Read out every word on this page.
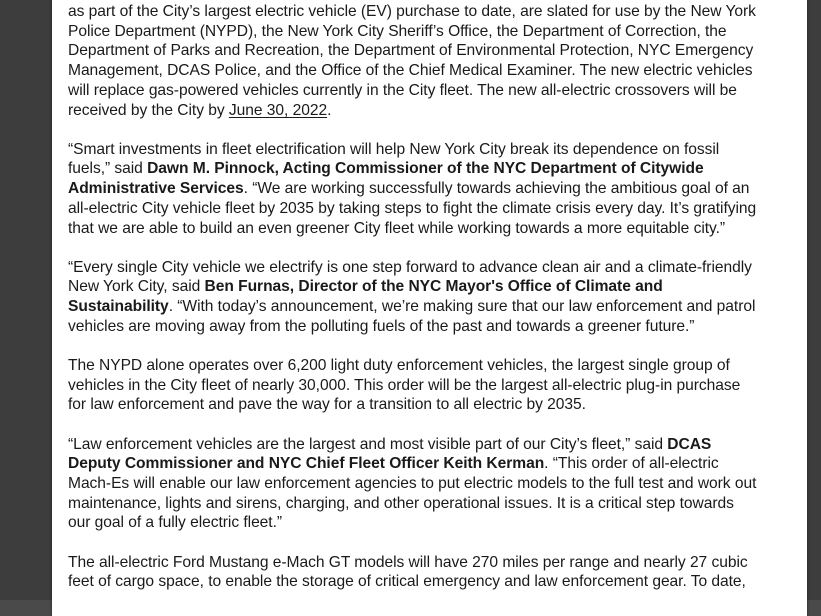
as part of the City’s largest electric vehicle (EV) purchase to date, are slated for use by the New York
Police Department (NYPD), the New York City Sheriff’s Office, the Department of Correction, the
Department of Parks and Recreation, the Department of Environmental Protection, NYC Emergency
Management, DCAS Police, and the Office of the Chief Medical Examiner. The new electric vehicles
will replace gas-powered vehicles currently in the City fleet. The new all-electric crossovers will be
received by the City by June 30, 2022.
“Smart investments in fleet electrification will help New York City break its dependence on fossil
fuels,” said Dawn M. Pinnock, Acting Commissioner of the NYC Department of Citywide
Administrative Services. “We are working successfully towards achieving the ambitious goal of an
all-electric City vehicle fleet by 2035 by taking steps to fight the climate crisis every day. It’s gratifying
that we are able to build an even greener City fleet while working towards a more equitable city.”
“Every single City vehicle we electrify is one step forward to advance clean air and a climate-friendly
New York City, said Ben Furnas, Director of the NYC Mayor's Office of Climate and
Sustainability. “With today’s announcement, we’re making sure that our law enforcement and patrol
vehicles are moving away from the polluting fuels of the past and towards a greener future.”
The NYPD alone operates over 6,200 light duty enforcement vehicles, the largest single group of
vehicles in the City fleet of nearly 30,000. This order will be the largest all-electric plug-in purchase
for law enforcement and pave the way for a transition to all electric by 2035.
“Law enforcement vehicles are the largest and most visible part of our City’s fleet,” said DCAS
Deputy Commissioner and NYC Chief Fleet Officer Keith Kerman. “This order of all-electric
Mach-Es will enable our law enforcement agencies to put electric models to the full test and work out
maintenance, lights and sirens, charging, and other operational issues. It is a critical step towards
our goal of a fully electric fleet.”
The all-electric Ford Mustang e-Mach GT models will have 270 miles per range and nearly 27 cubic
feet of cargo space, to enable the storage of critical emergency and law enforcement gear. To date,
